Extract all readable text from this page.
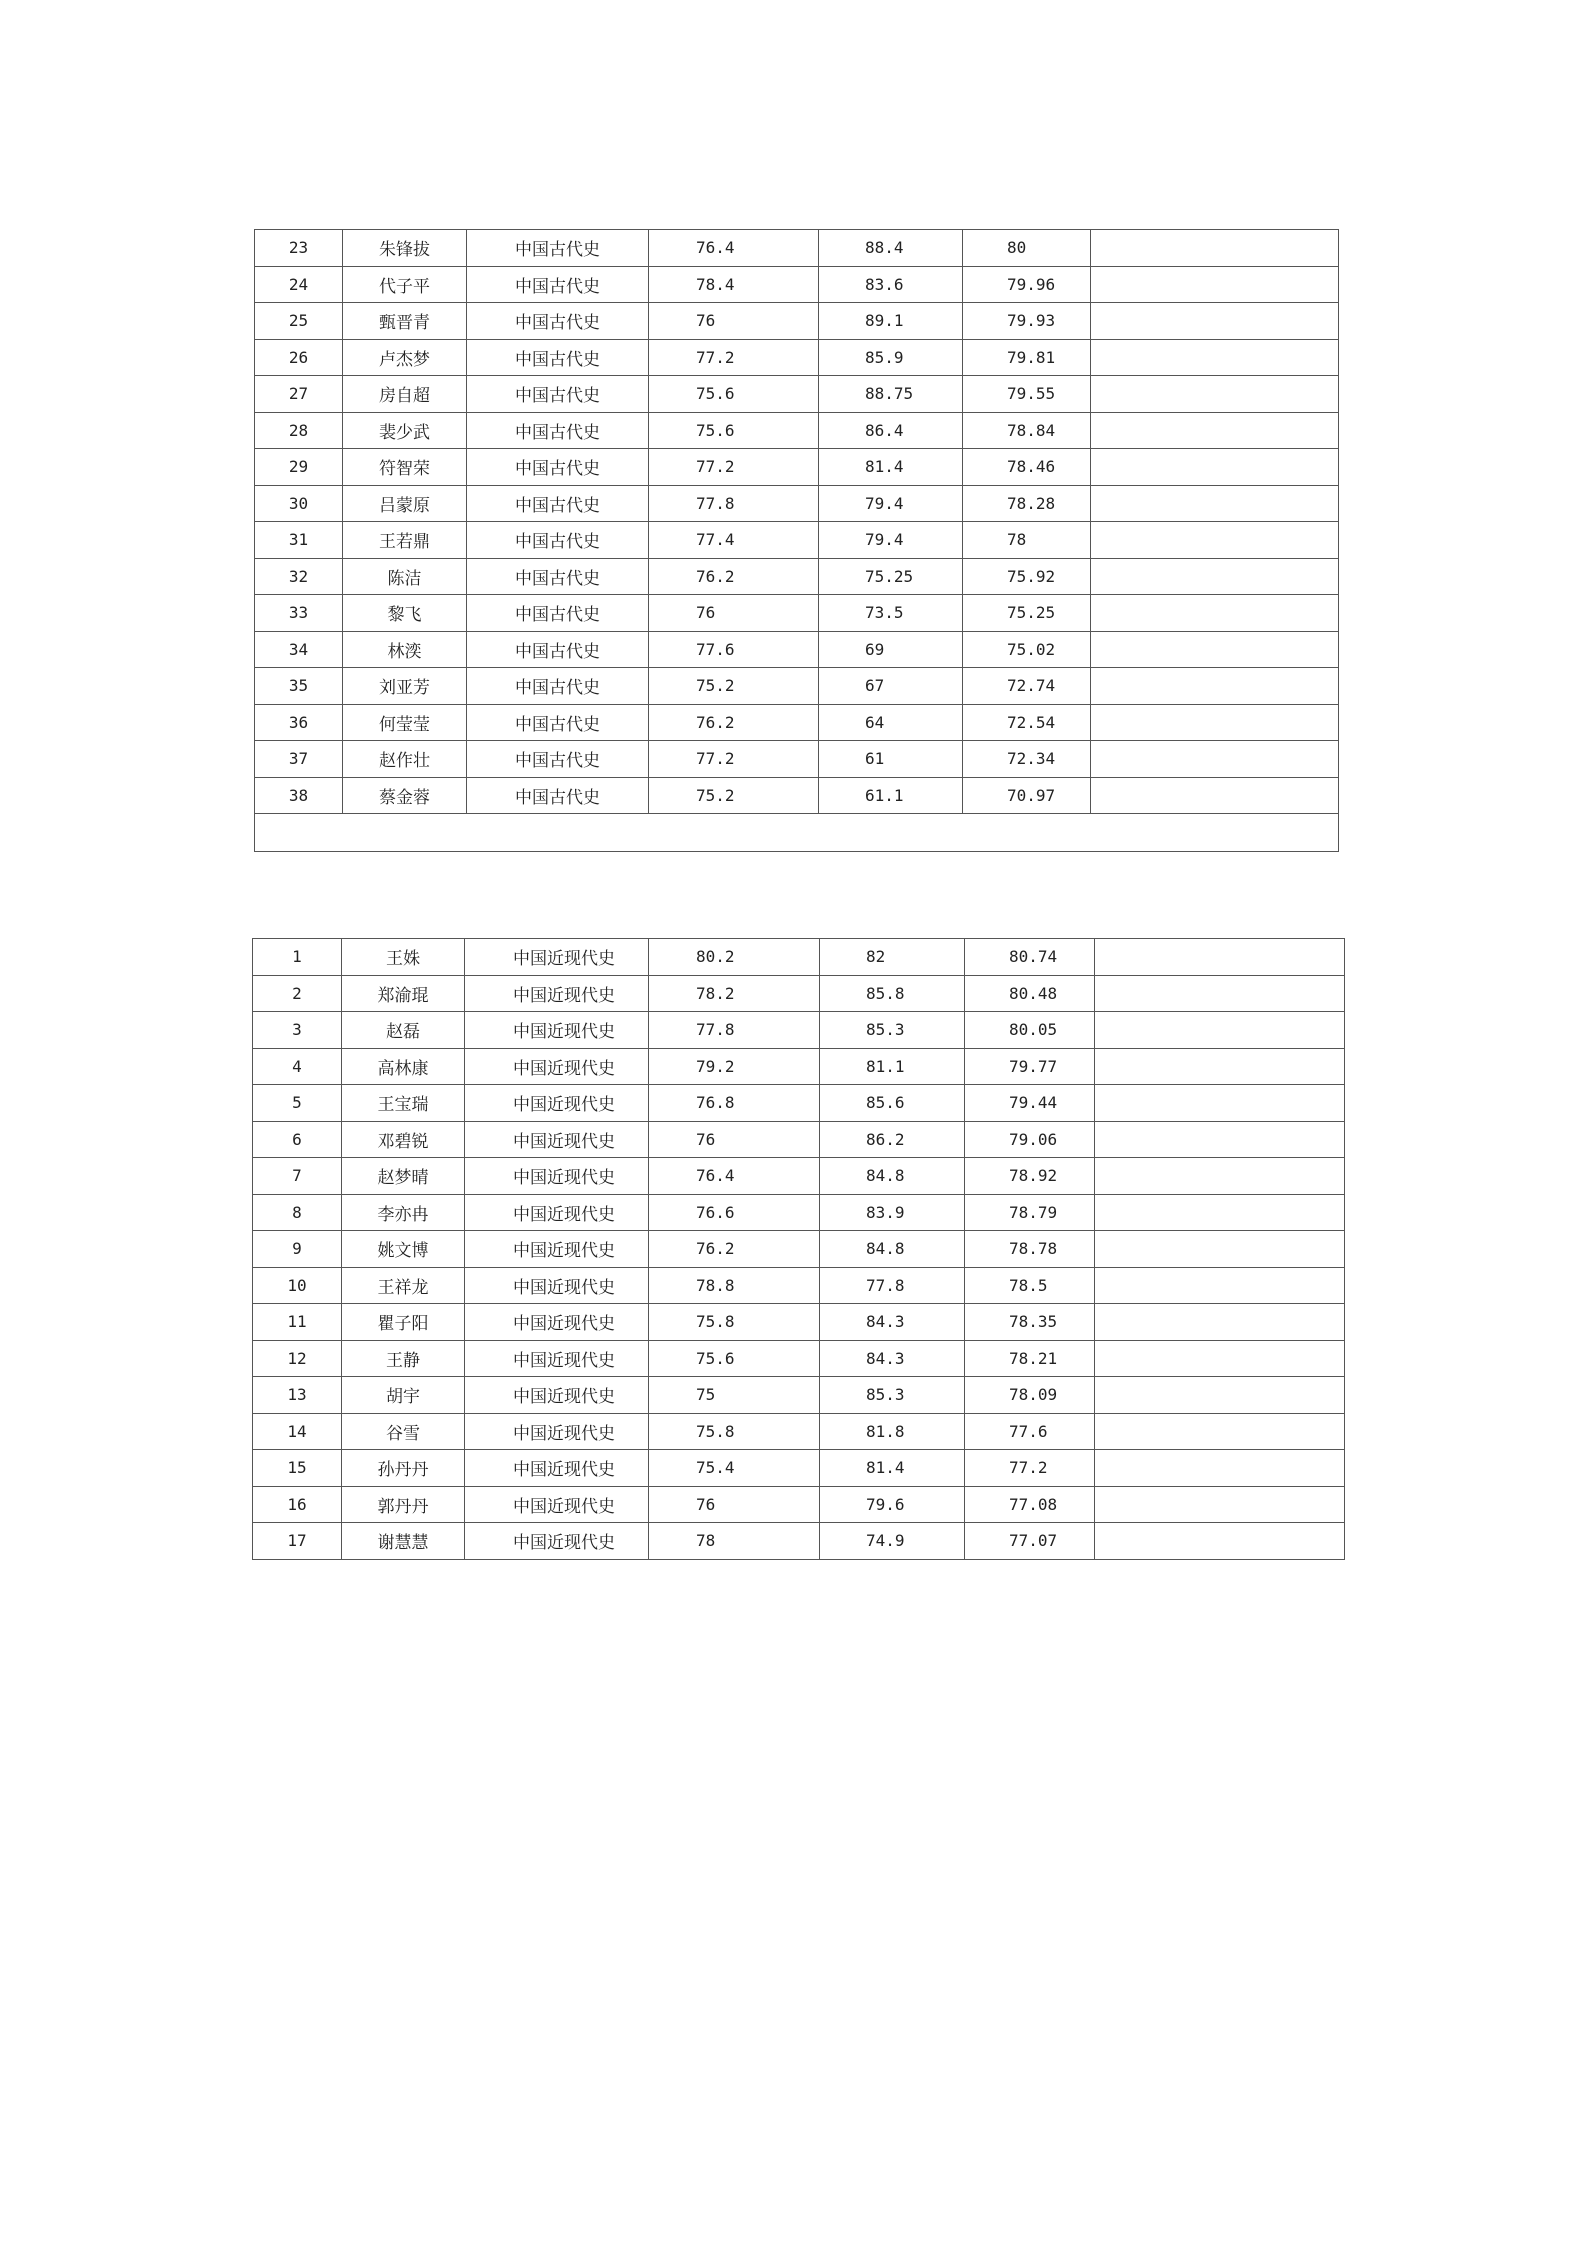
23	朱锋拔	中国古代史	76.4	88.4	80	
24	代子平	中国古代史	78.4	83.6	79.96	
25	甄晋青	中国古代史	76	89.1	79.93	
26	卢杰梦	中国古代史	77.2	85.9	79.81	
27	房自超	中国古代史	75.6	88.75	79.55	
28	裴少武	中国古代史	75.6	86.4	78.84	
29	符智荣	中国古代史	77.2	81.4	78.46	
30	吕蒙原	中国古代史	77.8	79.4	78.28	
31	王若鼎	中国古代史	77.4	79.4	78	
32	陈洁	中国古代史	76.2	75.25	75.92	
33	黎飞	中国古代史	76	73.5	75.25	
34	林湙	中国古代史	77.6	69	75.02	
35	刘亚芳	中国古代史	75.2	67	72.74	
36	何莹莹	中国古代史	76.2	64	72.54	
37	赵作壮	中国古代史	77.2	61	72.34	
38	蔡金蓉	中国古代史	75.2	61.1	70.97	

1	王姝	中国近现代史	80.2	82	80.74	
2	郑渝琨	中国近现代史	78.2	85.8	80.48	
3	赵磊	中国近现代史	77.8	85.3	80.05	
4	高林康	中国近现代史	79.2	81.1	79.77	
5	王宝瑞	中国近现代史	76.8	85.6	79.44	
6	邓碧锐	中国近现代史	76	86.2	79.06	
7	赵梦晴	中国近现代史	76.4	84.8	78.92	
8	李亦冉	中国近现代史	76.6	83.9	78.79	
9	姚文博	中国近现代史	76.2	84.8	78.78	
10	王祥龙	中国近现代史	78.8	77.8	78.5	
11	瞿子阳	中国近现代史	75.8	84.3	78.35	
12	王静	中国近现代史	75.6	84.3	78.21	
13	胡宇	中国近现代史	75	85.3	78.09	
14	谷雪	中国近现代史	75.8	81.8	77.6	
15	孙丹丹	中国近现代史	75.4	81.4	77.2	
16	郭丹丹	中国近现代史	76	79.6	77.08	
17	谢慧慧	中国近现代史	78	74.9	77.07	
